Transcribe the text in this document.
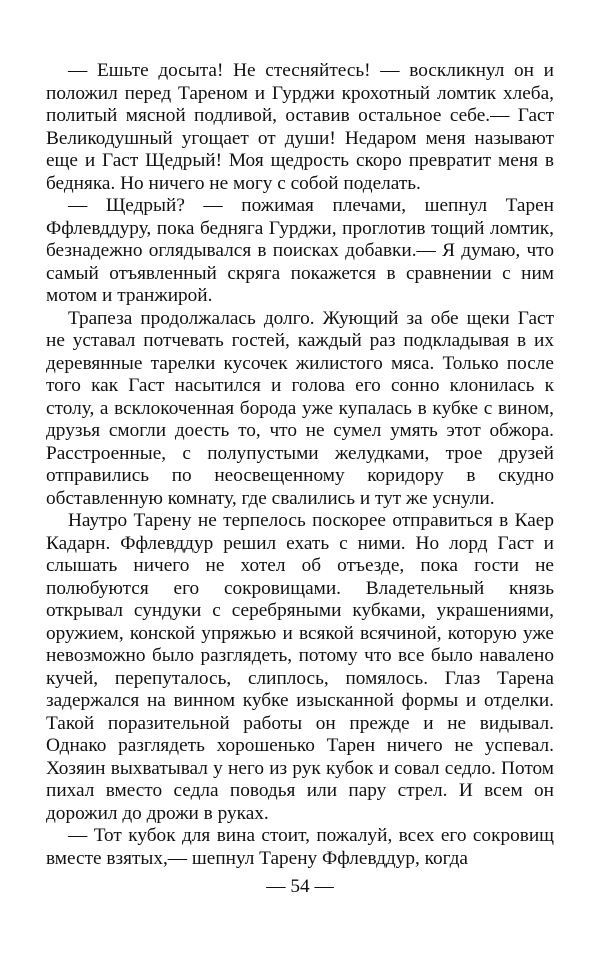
— Ешьте досыта! Не стесняйтесь! — воскликнул он и положил перед Тареном и Гурджи крохотный ломтик хлеба, политый мясной подливой, оставив остальное себе.— Гаст Великодушный угощает от души! Недаром меня называют еще и Гаст Щедрый! Моя щедрость скоро превратит меня в бедняка. Но ничего не могу с собой поделать.

— Щедрый? — пожимая плечами, шепнул Тарен Ффлевддуру, пока бедняга Гурджи, проглотив тощий ломтик, безнадежно оглядывался в поисках добавки.— Я думаю, что самый отъявленный скряга покажется в сравнении с ним мотом и транжирой.

Трапеза продолжалась долго. Жующий за обе щеки Гаст не уставал потчевать гостей, каждый раз подкладывая в их деревянные тарелки кусочек жилистого мяса. Только после того как Гаст насытился и голова его сонно клонилась к столу, а всклокоченная борода уже купалась в кубке с вином, друзья смогли доесть то, что не сумел умять этот обжора. Расстроенные, с полупустыми желудками, трое друзей отправились по неосвещенному коридору в скудно обставленную комнату, где свалились и тут же уснули.

Наутро Тарену не терпелось поскорее отправиться в Каер Кадарн. Ффлевддур решил ехать с ними. Но лорд Гаст и слышать ничего не хотел об отъезде, пока гости не полюбуются его сокровищами. Владетельный князь открывал сундуки с серебряными кубками, украшениями, оружием, конской упряжью и всякой всячиной, которую уже невозможно было разглядеть, потому что все было навалено кучей, перепуталось, слиплось, помялось. Глаз Тарена задержался на винном кубке изысканной формы и отделки. Такой поразительной работы он прежде и не видывал. Однако разглядеть хорошенько Тарен ничего не успевал. Хозяин выхватывал у него из рук кубок и совал седло. Потом пихал вместо седла поводья или пару стрел. И всем он дорожил до дрожи в руках.

— Тот кубок для вина стоит, пожалуй, всех его сокровищ вместе взятых,— шепнул Тарену Ффлевддур, когда

— 54 —
